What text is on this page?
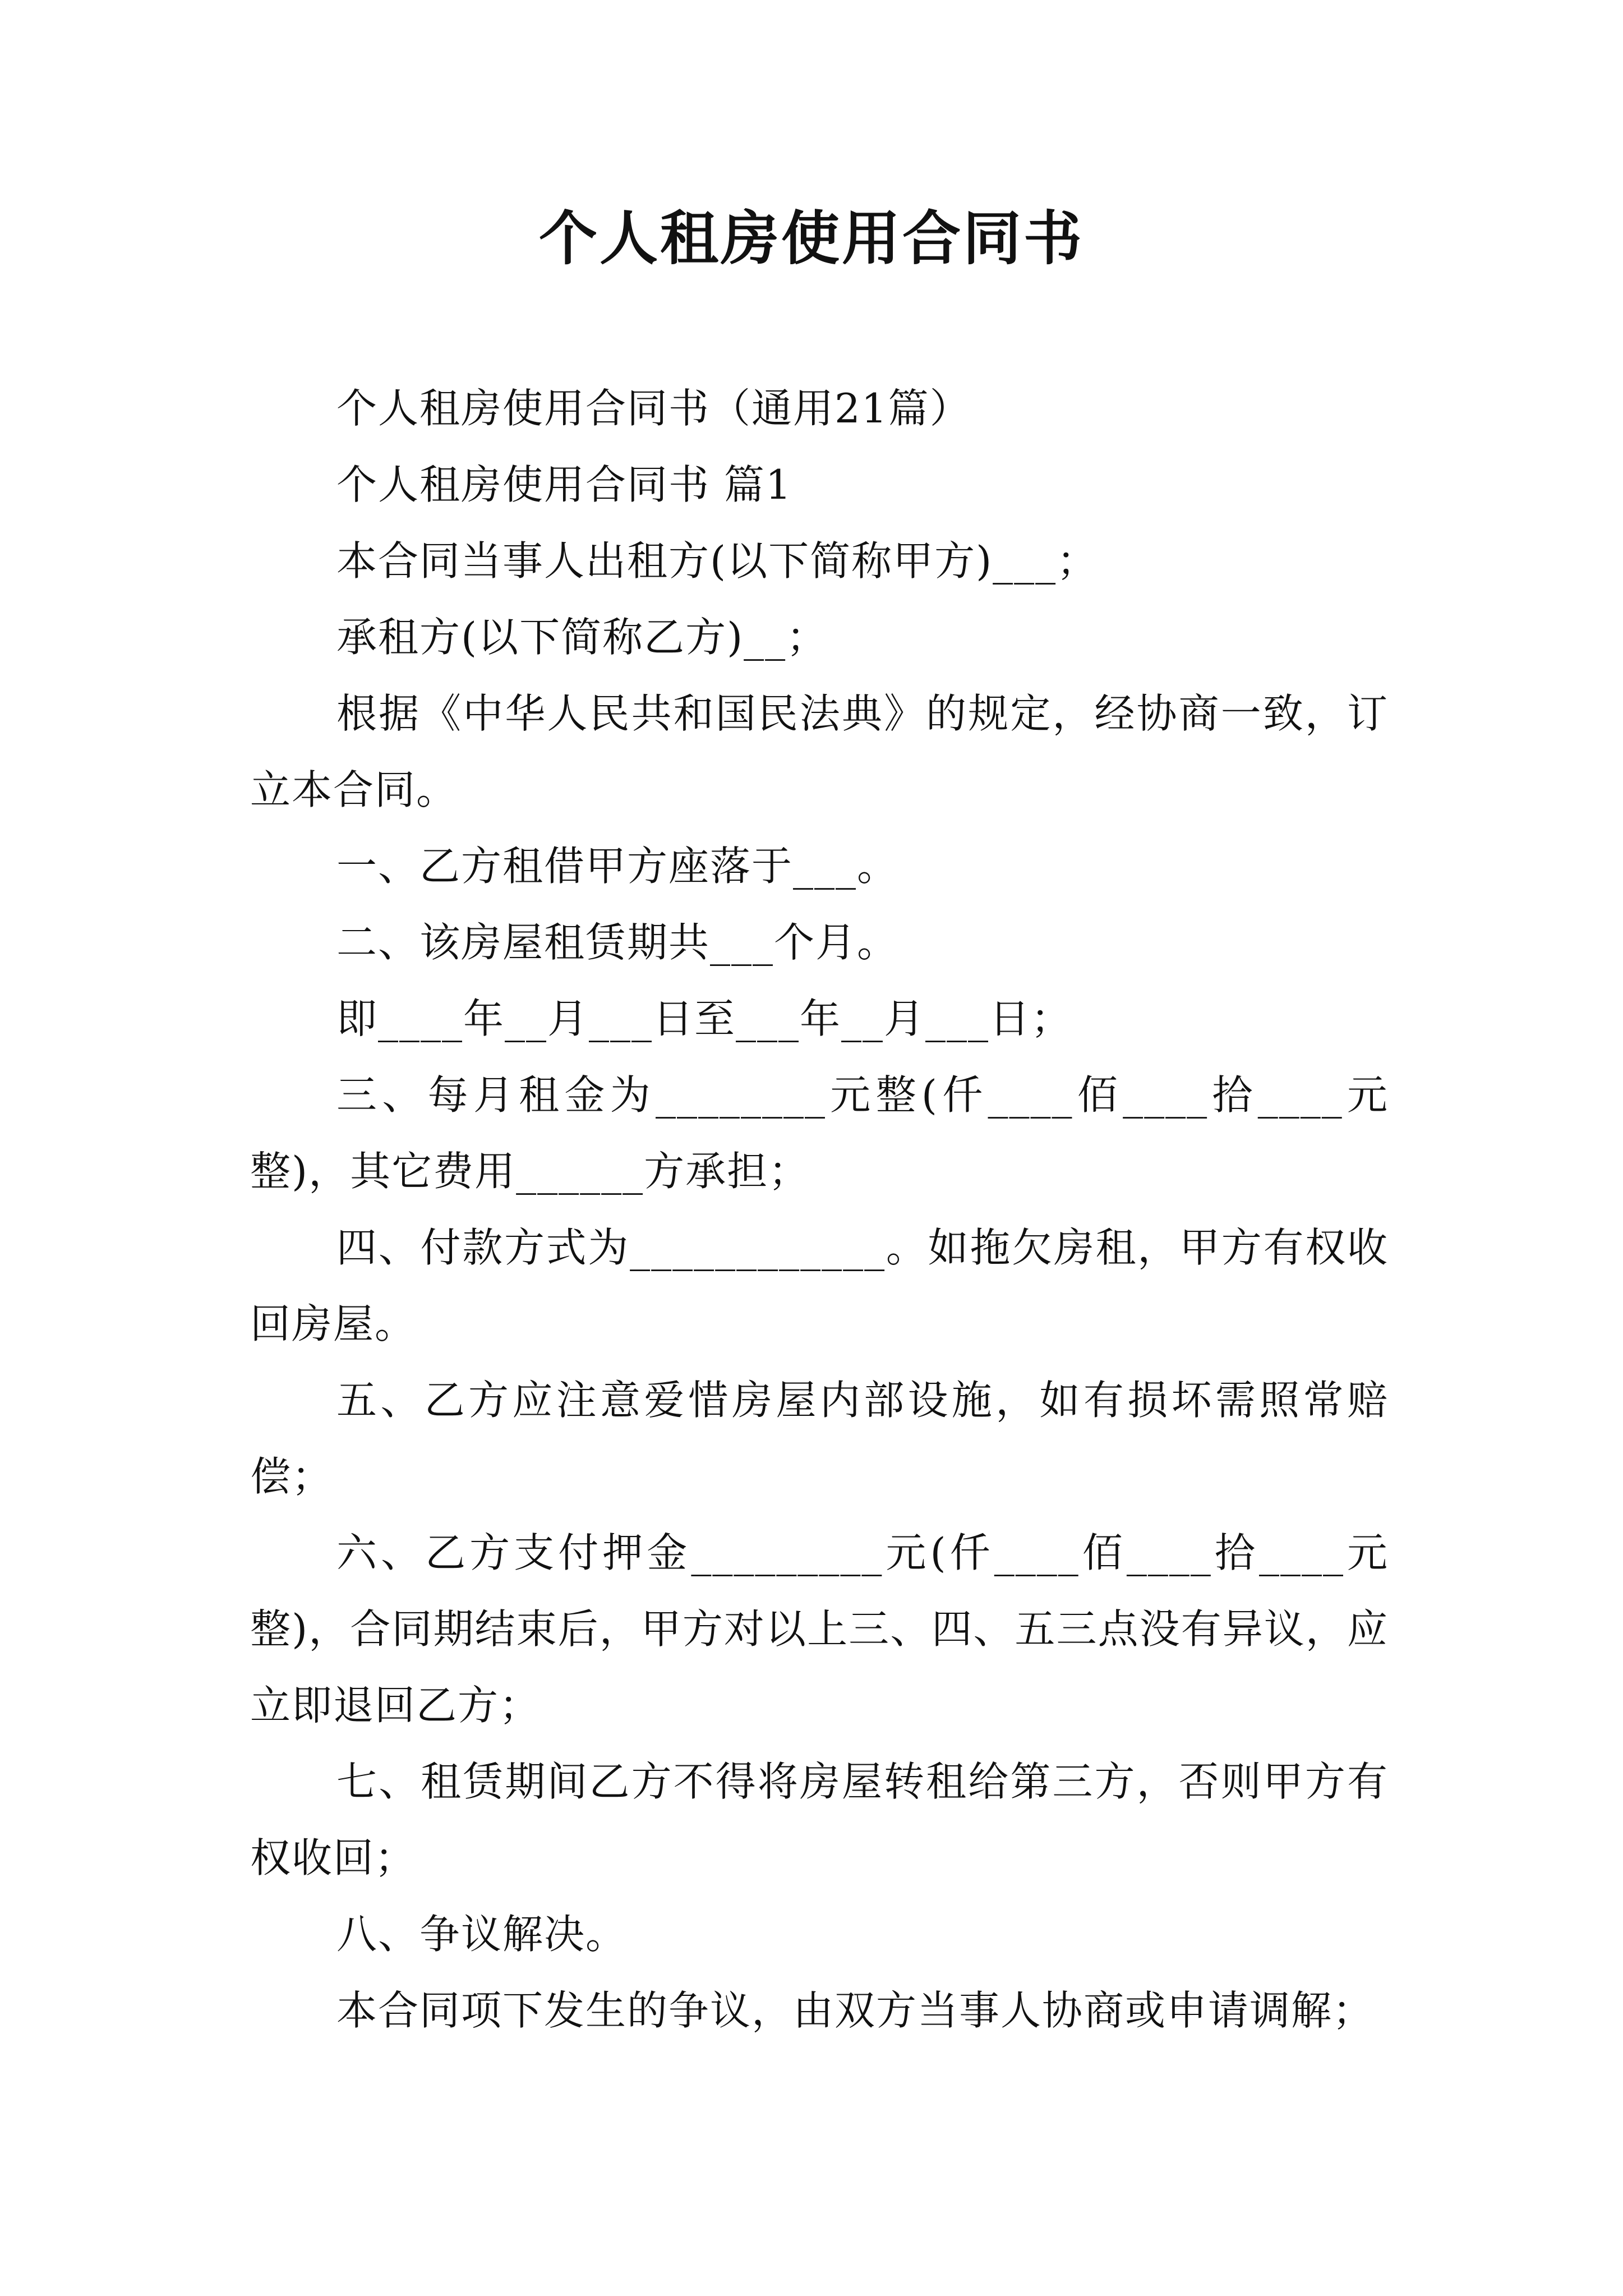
个人租房使用合同书

个人租房使用合同书（通用21篇）

个人租房使用合同书 篇1

本合同当事人出租方(以下简称甲方)___；

承租方(以下简称乙方)__；

根据《中华人民共和国民法典》的规定，经协商一致，订立本合同。

一、乙方租借甲方座落于___。

二、该房屋租赁期共___个月。

即____年__月___日至___年__月___日；

三、每月租金为________元整(仟____佰____拾____元整)，其它费用______方承担；

四、付款方式为____________。如拖欠房租，甲方有权收回房屋。

五、乙方应注意爱惜房屋内部设施，如有损坏需照常赔偿；

六、乙方支付押金_________元(仟____佰____拾____元整)，合同期结束后，甲方对以上三、四、五三点没有异议，应立即退回乙方；

七、租赁期间乙方不得将房屋转租给第三方，否则甲方有权收回；

八、争议解决。

本合同项下发生的争议，由双方当事人协商或申请调解；
